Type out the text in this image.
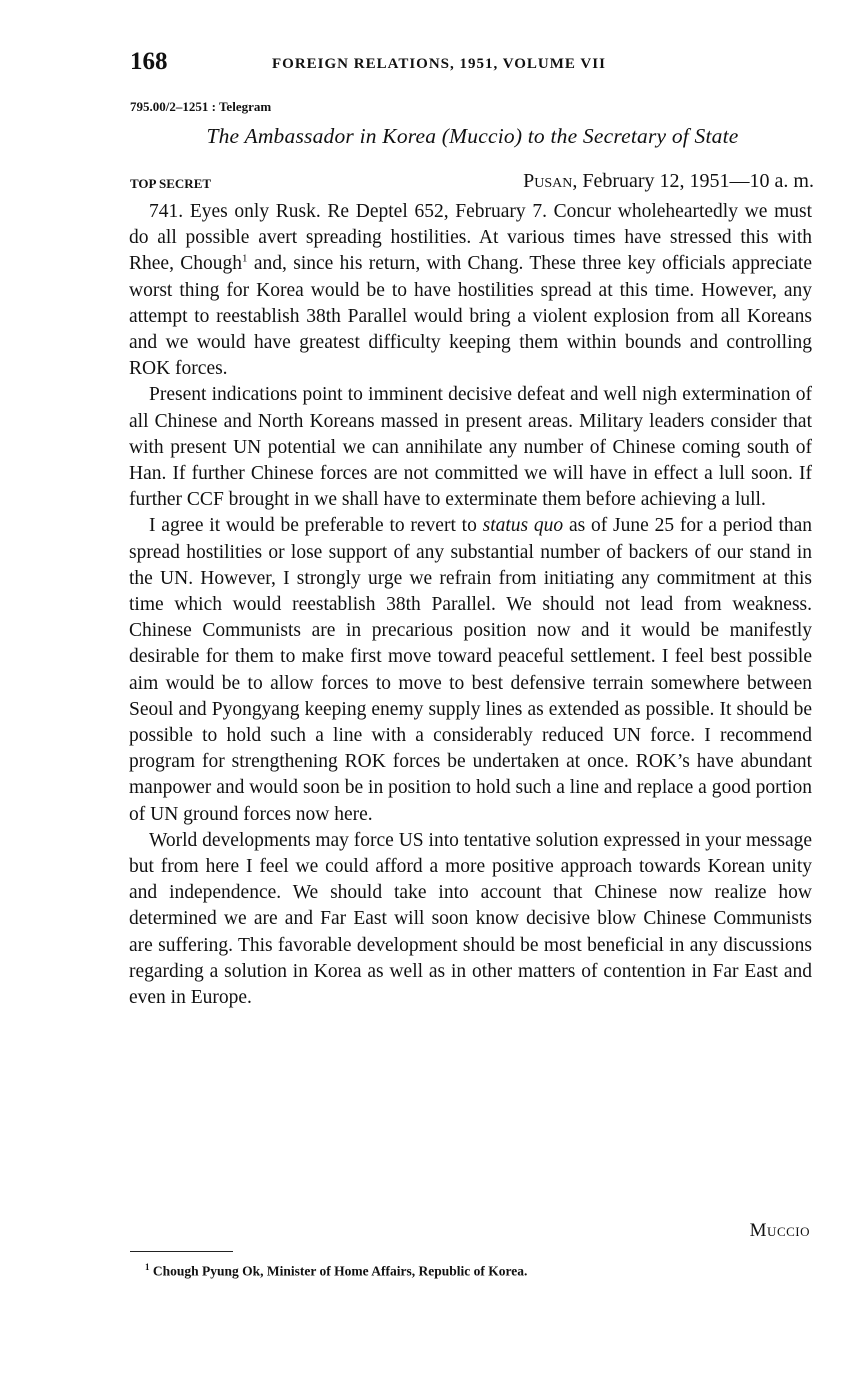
168	FOREIGN RELATIONS, 1951, VOLUME VII
795.00/2–1251 : Telegram
The Ambassador in Korea (Muccio) to the Secretary of State
TOP SECRET	Pusan, February 12, 1951—10 a. m.

741. Eyes only Rusk. Re Deptel 652, February 7. Concur wholeheartedly we must do all possible avert spreading hostilities. At various times have stressed this with Rhee, Chough$^1$ and, since his return, with Chang. These three key officials appreciate worst thing for Korea would be to have hostilities spread at this time. However, any attempt to reestablish 38th Parallel would bring a violent explosion from all Koreans and we would have greatest difficulty keeping them within bounds and controlling ROK forces.

Present indications point to imminent decisive defeat and well nigh extermination of all Chinese and North Koreans massed in present areas. Military leaders consider that with present UN potential we can annihilate any number of Chinese coming south of Han. If further Chinese forces are not committed we will have in effect a lull soon. If further CCF brought in we shall have to exterminate them before achieving a lull.

I agree it would be preferable to revert to status quo as of June 25 for a period than spread hostilities or lose support of any substantial number of backers of our stand in the UN. However, I strongly urge we refrain from initiating any commitment at this time which would reestablish 38th Parallel. We should not lead from weakness. Chinese Communists are in precarious position now and it would be manifestly desirable for them to make first move toward peaceful settlement. I feel best possible aim would be to allow forces to move to best defensive terrain somewhere between Seoul and Pyongyang keeping enemy supply lines as extended as possible. It should be possible to hold such a line with a considerably reduced UN force. I recommend program for strengthening ROK forces be undertaken at once. ROK’s have abundant manpower and would soon be in position to hold such a line and replace a good portion of UN ground forces now here.

World developments may force US into tentative solution expressed in your message but from here I feel we could afford a more positive approach towards Korean unity and independence. We should take into account that Chinese now realize how determined we are and Far East will soon know decisive blow Chinese Communists are suffering. This favorable development should be most beneficial in any discussions regarding a solution in Korea as well as in other matters of contention in Far East and even in Europe.

Muccio
$^1$ Chough Pyung Ok, Minister of Home Affairs, Republic of Korea.
